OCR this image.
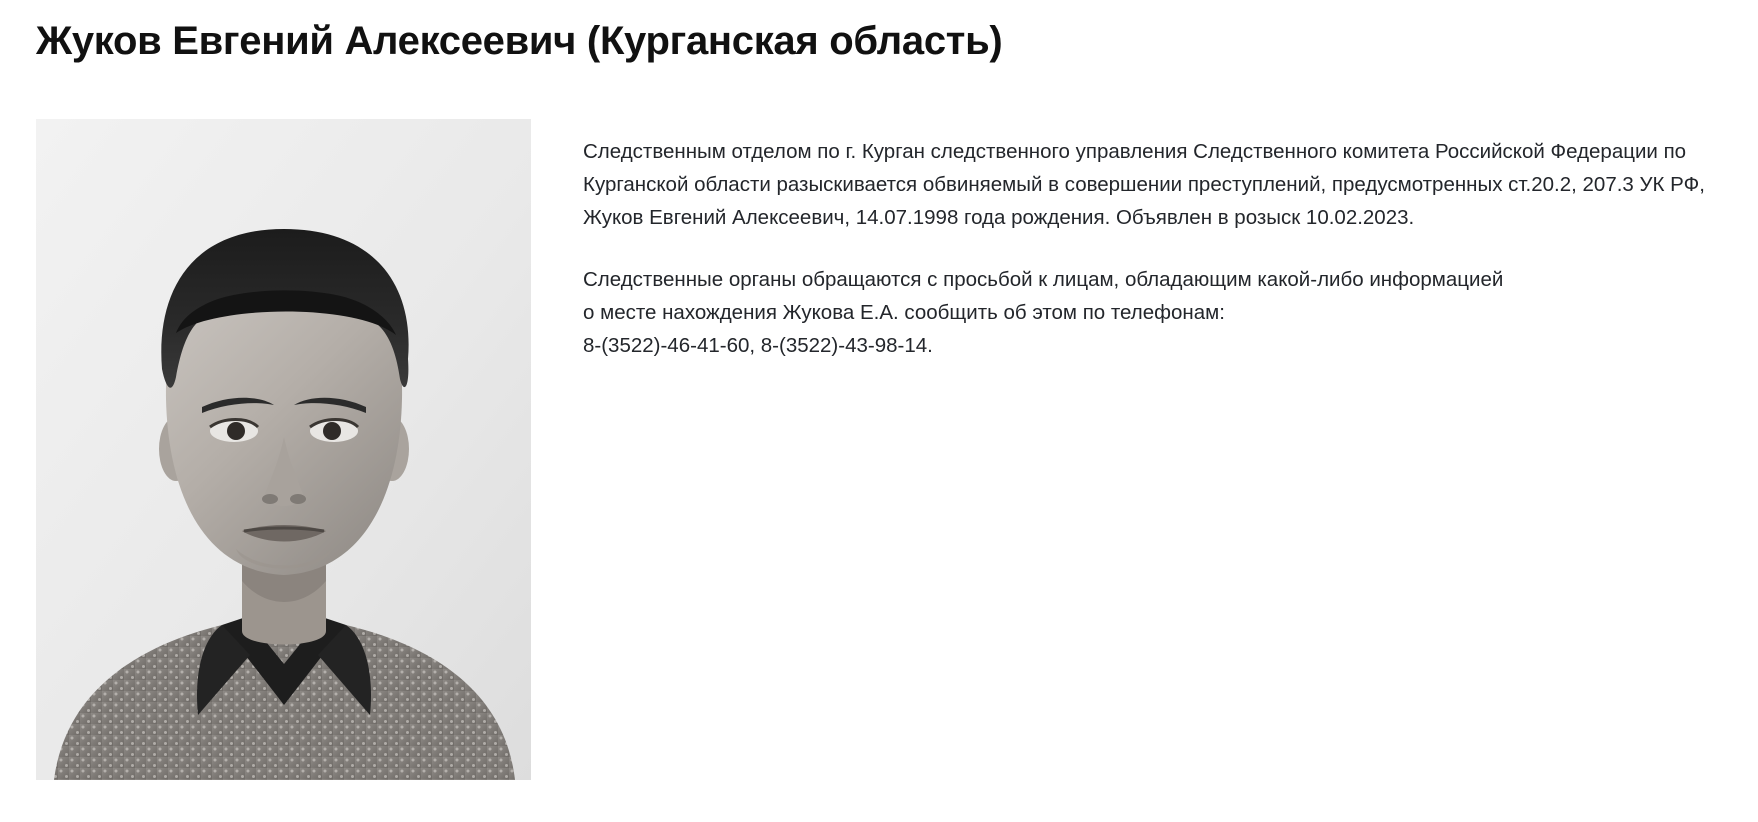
Жуков Евгений Алексеевич (Курганская область)

Следственным отделом по г. Курган следственного управления Следственного комитета Российской Федерации по Курганской области разыскивается обвиняемый в совершении преступлений, предусмотренных ст.20.2, 207.3 УК РФ, Жуков Евгений Алексеевич, 14.07.1998 года рождения. Объявлен в розыск 10.02.2023.

Следственные органы обращаются с просьбой к лицам, обладающим какой-либо информацией
о месте нахождения Жукова Е.А. сообщить об этом по телефонам:
8-(3522)-46-41-60, 8-(3522)-43-98-14.
